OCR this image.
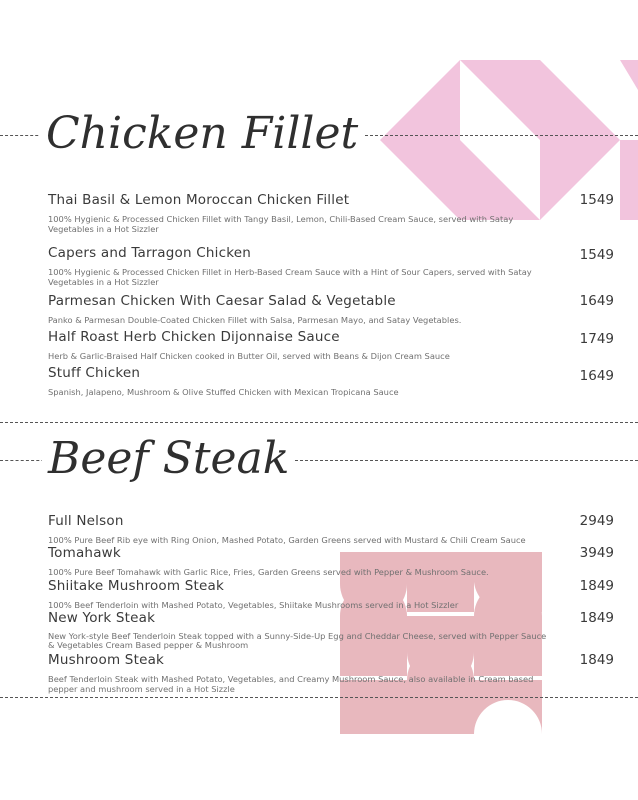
Chicken Fillet
Thai Basil & Lemon Moroccan Chicken Fillet
100% Hygienic & Processed Chicken Fillet with Tangy Basil, Lemon, Chili-Based Cream Sauce, served with Satay Vegetables in a Hot Sizzler
1549
Capers and Tarragon Chicken
100% Hygienic & Processed Chicken Fillet in Herb-Based Cream Sauce with a Hint of Sour Capers, served with Satay Vegetables in a Hot Sizzler
1549
Parmesan Chicken With Caesar Salad & Vegetable
Panko & Parmesan Double-Coated Chicken Fillet with Salsa, Parmesan Mayo, and Satay Vegetables.
1649
Half Roast Herb Chicken Dijonnaise Sauce
Herb & Garlic-Braised Half Chicken cooked in Butter Oil, served with Beans & Dijon Cream Sauce
1749
Stuff Chicken
Spanish, Jalapeno, Mushroom & Olive Stuffed Chicken with Mexican Tropicana Sauce
1649
Beef Steak
Full Nelson
100% Pure Beef Rib eye with Ring Onion, Mashed Potato, Garden Greens served with Mustard & Chili Cream Sauce
2949
Tomahawk
100% Pure Beef Tomahawk with Garlic Rice, Fries, Garden Greens served with Pepper & Mushroom Sauce.
3949
Shiitake Mushroom Steak
100% Beef Tenderloin with Mashed Potato, Vegetables, Shiitake Mushrooms served in a Hot Sizzler
1849
New York Steak
New York-style Beef Tenderloin Steak topped with a Sunny-Side-Up Egg and Cheddar Cheese, served with Pepper Sauce & Vegetables Cream Based pepper & Mushroom
1849
Mushroom Steak
Beef Tenderloin Steak with Mashed Potato, Vegetables, and Creamy Mushroom Sauce, also available in Cream based pepper and mushroom served in a Hot Sizzle
1849
